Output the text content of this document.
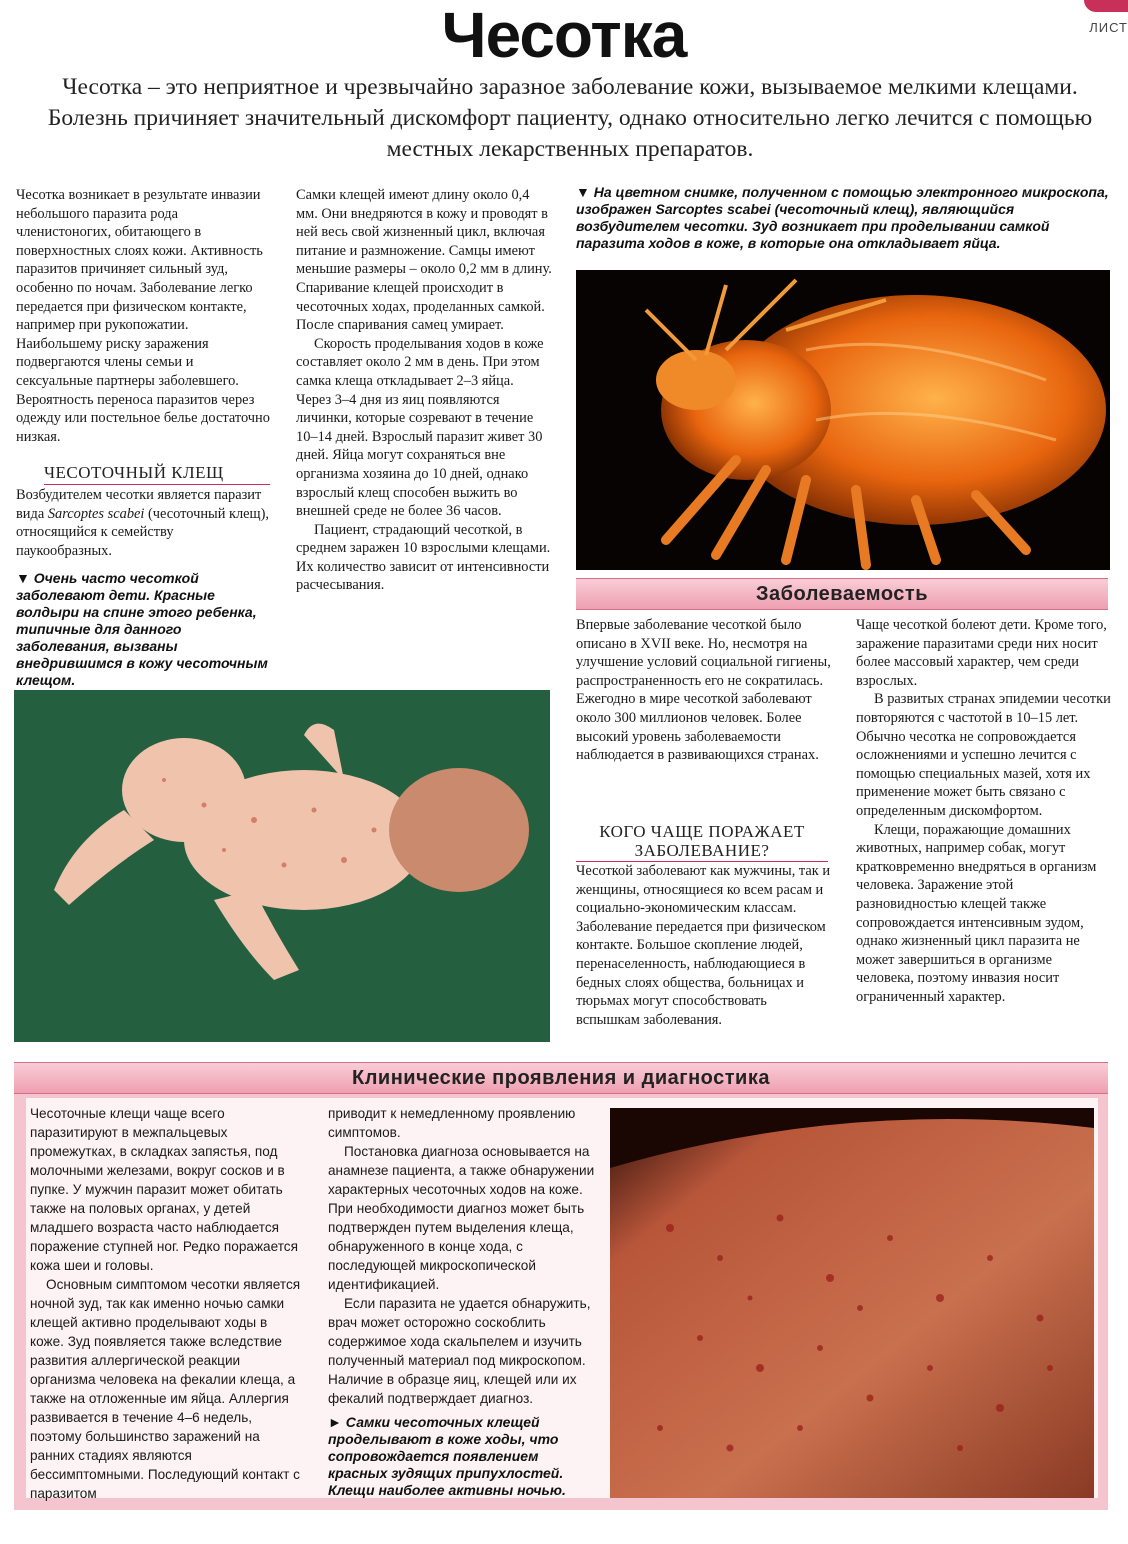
Чесотка	ЛИСТ
Чесотка – это неприятное и чрезвычайно заразное заболевание кожи, вызываемое мелкими клещами. Болезнь причиняет значительный дискомфорт пациенту, однако относительно легко лечится с помощью местных лекарственных препаратов.

Чесотка возникает в результате инвазии небольшого паразита рода членистоногих, обитающего в поверхностных слоях кожи. Активность паразитов причиняет сильный зуд, особенно по ночам. Заболевание легко передается при физическом контакте, например при рукопожатии. Наибольшему риску заражения подвергаются члены семьи и сексуальные партнеры заболевшего. Вероятность переноса паразитов через одежду или постельное белье достаточно низкая.

ЧЕСОТОЧНЫЙ КЛЕЩ

Возбудителем чесотки является паразит вида Sarcoptes scabei (чесоточный клещ), относящийся к семейству паукообразных.

▼ Очень часто чесоткой заболевают дети. Красные волдыри на спине этого ребенка, типичные для данного заболевания, вызваны внедрившимся в кожу чесоточным клещом.

Самки клещей имеют длину около 0,4 мм. Они внедряются в кожу и проводят в ней весь свой жизненный цикл, включая питание и размножение. Самцы имеют меньшие размеры – около 0,2 мм в длину. Спаривание клещей происходит в чесоточных ходах, проделанных самкой. После спаривания самец умирает.

Скорость проделывания ходов в коже составляет около 2 мм в день. При этом самка клеща откладывает 2–3 яйца. Через 3–4 дня из яиц появляются личинки, которые созревают в течение 10–14 дней. Взрослый паразит живет 30 дней. Яйца могут сохраняться вне организма хозяина до 10 дней, однако взрослый клещ способен выжить во внешней среде не более 36 часов.

Пациент, страдающий чесоткой, в среднем заражен 10 взрослыми клещами. Их количество зависит от интенсивности расчесывания.

▼ На цветном снимке, полученном с помощью электронного микроскопа, изображен Sarcoptes scabei (чесоточный клещ), являющийся возбудителем чесотки. Зуд возникает при проделывании самкой паразита ходов в коже, в которые она откладывает яйца.
Заболеваемость

Впервые заболевание чесоткой было описано в XVII веке. Но, несмотря на улучшение условий социальной гигиены, распространенность его не сократилась. Ежегодно в мире чесоткой заболевают около 300 миллионов человек. Более высокий уровень заболеваемости наблюдается в развивающихся странах.

КОГО ЧАЩЕ ПОРАЖАЕТ ЗАБОЛЕВАНИЕ?

Чесоткой заболевают как мужчины, так и женщины, относящиеся ко всем расам и социально-экономическим классам. Заболевание передается при физическом контакте. Большое скопление людей, перенаселенность, наблюдающиеся в бедных слоях общества, больницах и тюрьмах могут способствовать вспышкам заболевания.

Чаще чесоткой болеют дети. Кроме того, заражение паразитами среди них носит более массовый характер, чем среди взрослых.

В развитых странах эпидемии чесотки повторяются с частотой в 10–15 лет. Обычно чесотка не сопровождается осложнениями и успешно лечится с помощью специальных мазей, хотя их применение может быть связано с определенным дискомфортом.

Клещи, поражающие домашних животных, например собак, могут кратковременно внедряться в организм человека. Заражение этой разновидностью клещей также сопровождается интенсивным зудом, однако жизненный цикл паразита не может завершиться в организме человека, поэтому инвазия носит ограниченный характер.

Клинические проявления и диагностика

Чесоточные клещи чаще всего паразитируют в межпальцевых промежутках, в складках запястья, под молочными железами, вокруг сосков и в пупке. У мужчин паразит может обитать также на половых органах, у детей младшего возраста часто наблюдается поражение ступней ног. Редко поражается кожа шеи и головы.

Основным симптомом чесотки является ночной зуд, так как именно ночью самки клещей активно проделывают ходы в коже. Зуд появляется также вследствие развития аллергической реакции организма человека на фекалии клеща, а также на отложенные им яйца. Аллергия развивается в течение 4–6 недель, поэтому большинство заражений на ранних стадиях являются бессимптомными. Последующий контакт с паразитом

приводит к немедленному проявлению симптомов.

Постановка диагноза основывается на анамнезе пациента, а также обнаружении характерных чесоточных ходов на коже. При необходимости диагноз может быть подтвержден путем выделения клеща, обнаруженного в конце хода, с последующей микроскопической идентификацией.

Если паразита не удается обнаружить, врач может осторожно соскоблить содержимое хода скальпелем и изучить полученный материал под микроскопом. Наличие в образце яиц, клещей или их фекалий подтверждает диагноз.

► Самки чесоточных клещей проделывают в коже ходы, что сопровождается появлением красных зудящих припухлостей. Клещи наиболее активны ночью.
